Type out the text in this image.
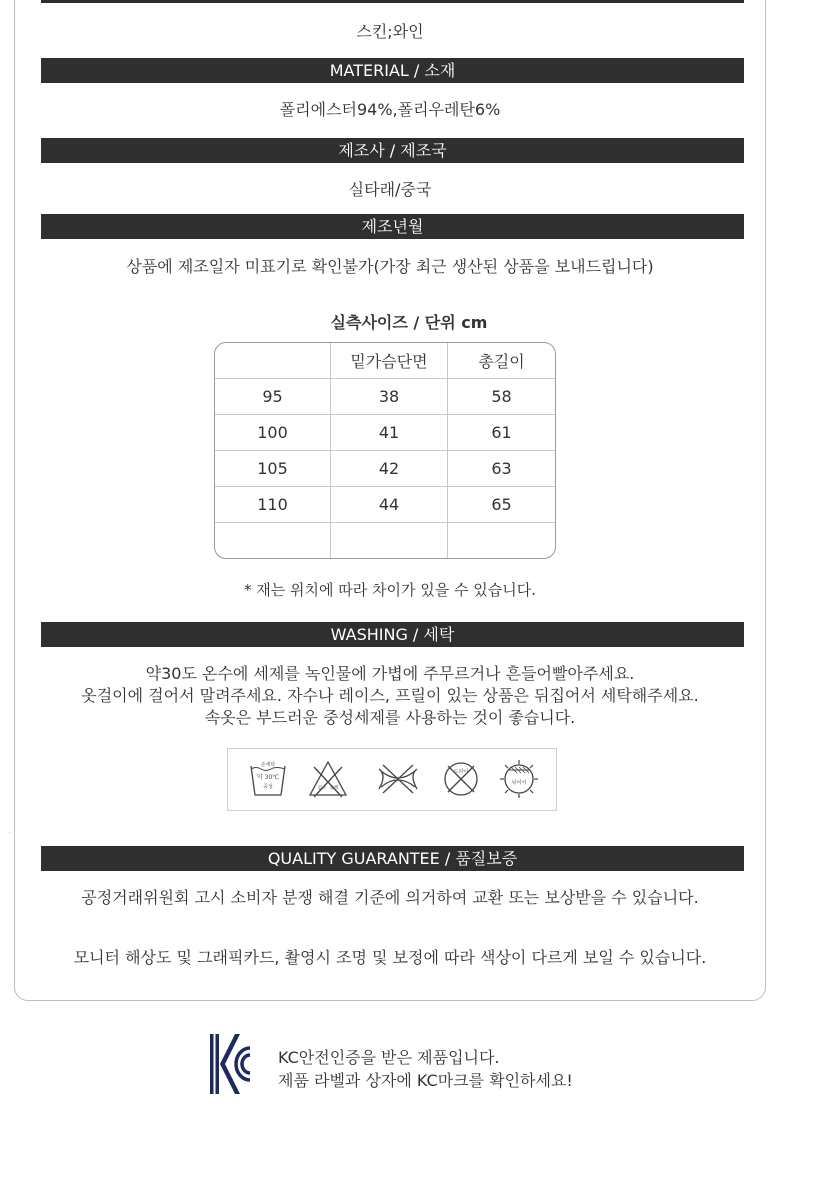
스킨;와인
MATERIAL / 소재
폴리에스터94%,폴리우레탄6%
제조사 / 제조국
실타래/중국
제조년월
상품에 제조일자 미표기로 확인불가(가장 최근 생산된 상품을 보내드립니다)
실측사이즈 / 단위 cm
	밑가슴단면	총길이
95	38	58
100	41	61
105	42	63
110	44	65

* 재는 위치에 따라 차이가 있을 수 있습니다.
WASHING / 세탁
약30도 온수에 세제를 녹인물에 가볍에 주무르거나 흔들어빨아주세요.
옷걸이에 걸어서 말려주세요. 자수나 레이스, 프릴이 있는 상품은 뒤집어서 세탁해주세요.
속옷은 부드러운 중성세제를 사용하는 것이 좋습니다.
손세탁
약 30℃
중성	염소 표백
드라이
뉘어서
QUALITY GUARANTEE / 품질보증
공정거래위원회 고시 소비자 분쟁 해결 기준에 의거하여 교환 또는 보상받을 수 있습니다.
모니터 해상도 및 그래픽카드, 촬영시 조명 및 보정에 따라 색상이 다르게 보일 수 있습니다.
KC
KC안전인증을 받은 제품입니다.
제품 라벨과 상자에 KC마크를 확인하세요!
